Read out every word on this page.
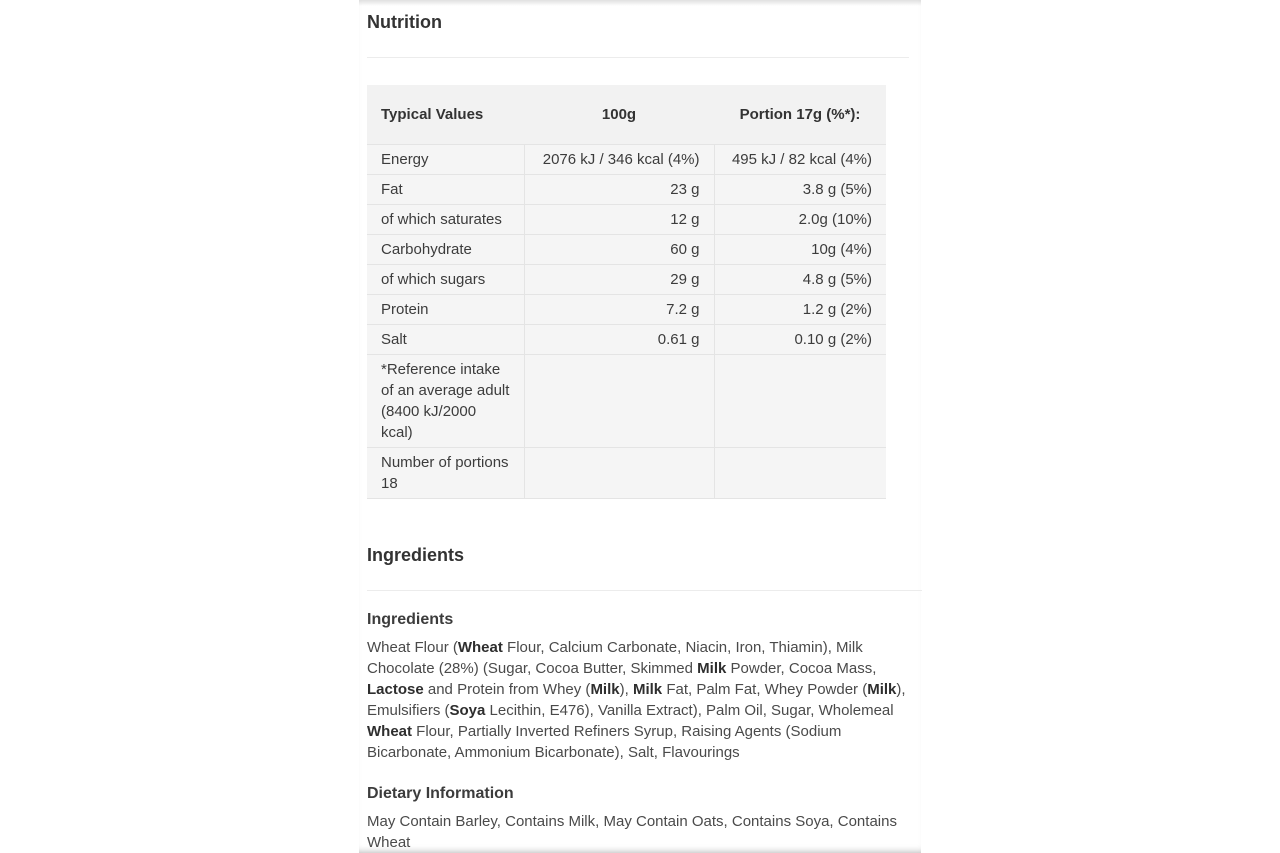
Nutrition
Typical Values	100g	Portion 17g (%*):
Energy	2076 kJ / 346 kcal (4%)	495 kJ / 82 kcal (4%)
Fat	23 g	3.8 g (5%)
of which saturates	12 g	2.0g (10%)
Carbohydrate	60 g	10g (4%)
of which sugars	29 g	4.8 g (5%)
Protein	7.2 g	1.2 g (2%)
Salt	0.61 g	0.10 g (2%)
*Reference intake of an average adult (8400 kJ/2000 kcal)		
Number of portions 18		
Ingredients
Ingredients
Wheat Flour (Wheat Flour, Calcium Carbonate, Niacin, Iron, Thiamin), Milk Chocolate (28%) (Sugar, Cocoa Butter, Skimmed Milk Powder, Cocoa Mass, Lactose and Protein from Whey (Milk), Milk Fat, Palm Fat, Whey Powder (Milk), Emulsifiers (Soya Lecithin, E476), Vanilla Extract), Palm Oil, Sugar, Wholemeal Wheat Flour, Partially Inverted Refiners Syrup, Raising Agents (Sodium Bicarbonate, Ammonium Bicarbonate), Salt, Flavourings
Dietary Information
May Contain Barley, Contains Milk, May Contain Oats, Contains Soya, Contains Wheat
